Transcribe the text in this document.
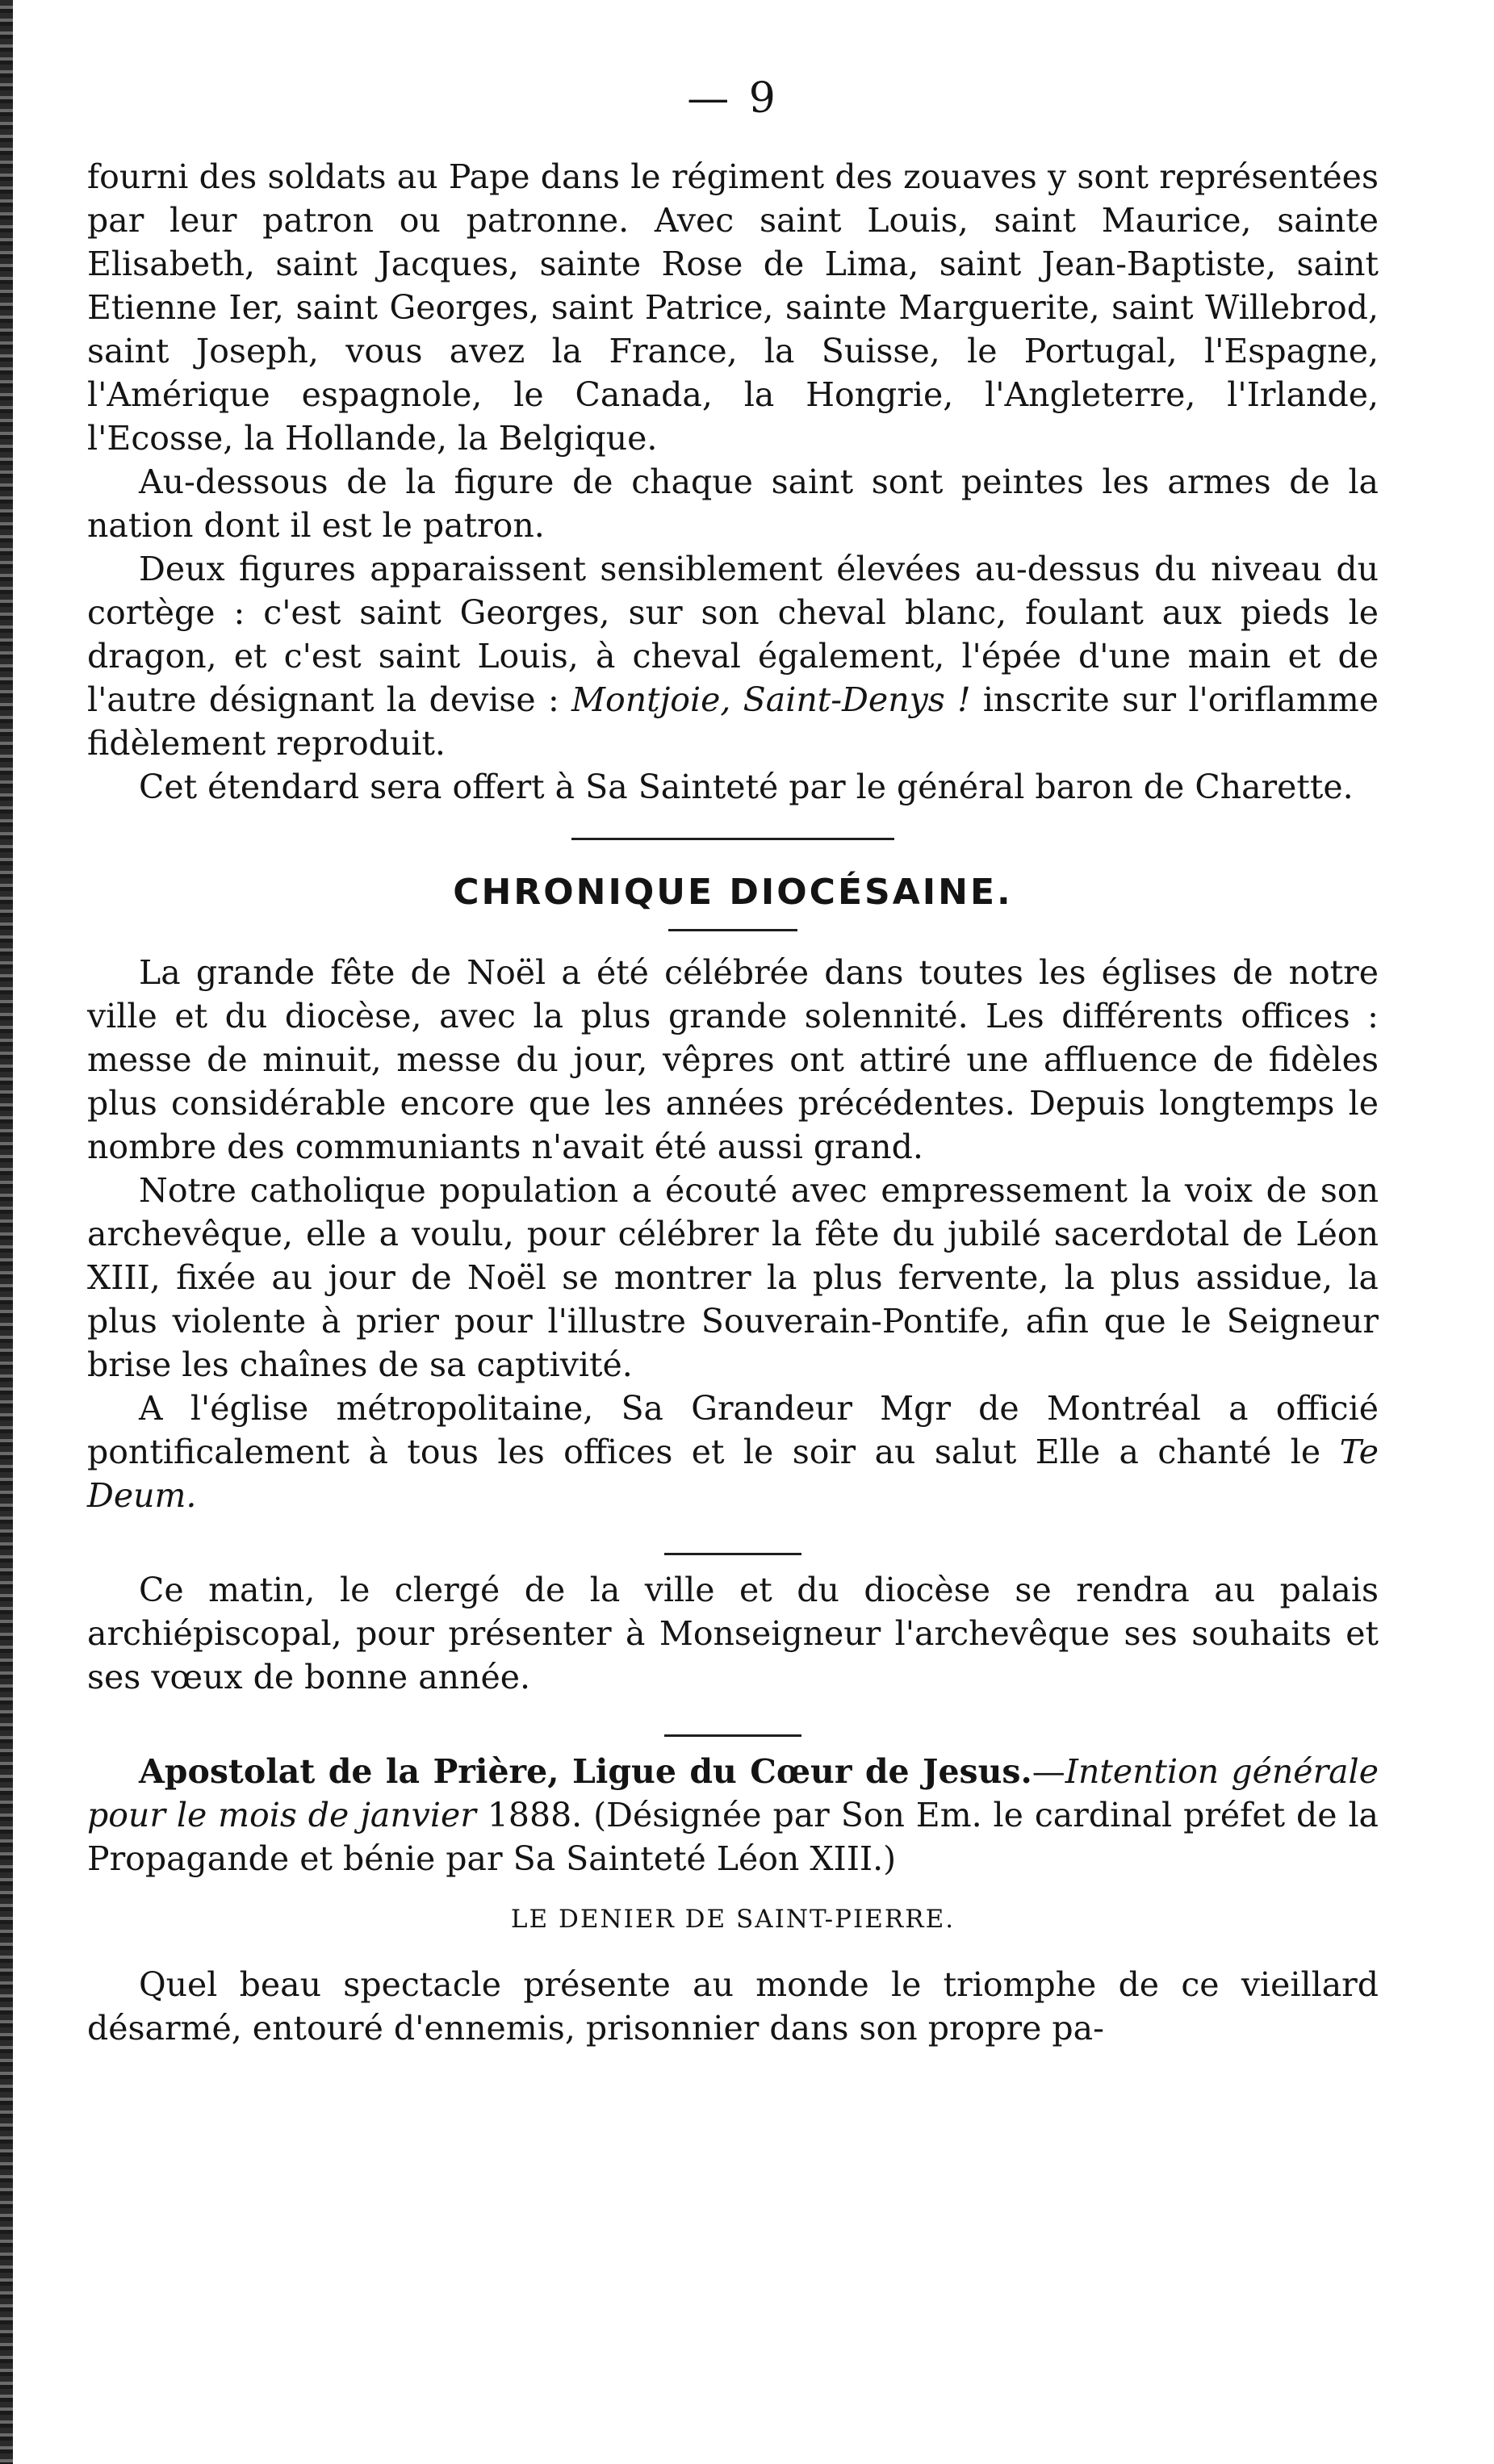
— 9

fourni des soldats au Pape dans le régiment des zouaves y sont représentées par leur patron ou patronne. Avec saint Louis, saint Maurice, sainte Elisabeth, saint Jacques, sainte Rose de Lima, saint Jean-Baptiste, saint Etienne Ier, saint Georges, saint Patrice, sainte Marguerite, saint Willebrod, saint Joseph, vous avez la France, la Suisse, le Portugal, l'Espagne, l'Amérique espagnole, le Canada, la Hongrie, l'Angleterre, l'Irlande, l'Ecosse, la Hollande, la Belgique.

Au-dessous de la figure de chaque saint sont peintes les armes de la nation dont il est le patron.

Deux figures apparaissent sensiblement élevées au-dessus du niveau du cortège : c'est saint Georges, sur son cheval blanc, foulant aux pieds le dragon, et c'est saint Louis, à cheval également, l'épée d'une main et de l'autre désignant la devise : Montjoie, Saint-Denys ! inscrite sur l'oriflamme fidèlement reproduit.

Cet étendard sera offert à Sa Sainteté par le général baron de Charette.

CHRONIQUE DIOCÉSAINE.

La grande fête de Noël a été célébrée dans toutes les églises de notre ville et du diocèse, avec la plus grande solennité. Les différents offices : messe de minuit, messe du jour, vêpres ont attiré une affluence de fidèles plus considérable encore que les années précédentes. Depuis longtemps le nombre des communiants n'avait été aussi grand.

Notre catholique population a écouté avec empressement la voix de son archevêque, elle a voulu, pour célébrer la fête du jubilé sacerdotal de Léon XIII, fixée au jour de Noël se montrer la plus fervente, la plus assidue, la plus violente à prier pour l'illustre Souverain-Pontife, afin que le Seigneur brise les chaînes de sa captivité.

A l'église métropolitaine, Sa Grandeur Mgr de Montréal a officié pontificalement à tous les offices et le soir au salut Elle a chanté le Te Deum.

Ce matin, le clergé de la ville et du diocèse se rendra au palais archiépiscopal, pour présenter à Monseigneur l'archevêque ses souhaits et ses vœux de bonne année.

Apostolat de la Prière, Ligue du Cœur de Jesus.—Intention générale pour le mois de janvier 1888. (Désignée par Son Em. le cardinal préfet de la Propagande et bénie par Sa Sainteté Léon XIII.)

LE DENIER DE SAINT-PIERRE.

Quel beau spectacle présente au monde le triomphe de ce vieillard désarmé, entouré d'ennemis, prisonnier dans son propre pa-
